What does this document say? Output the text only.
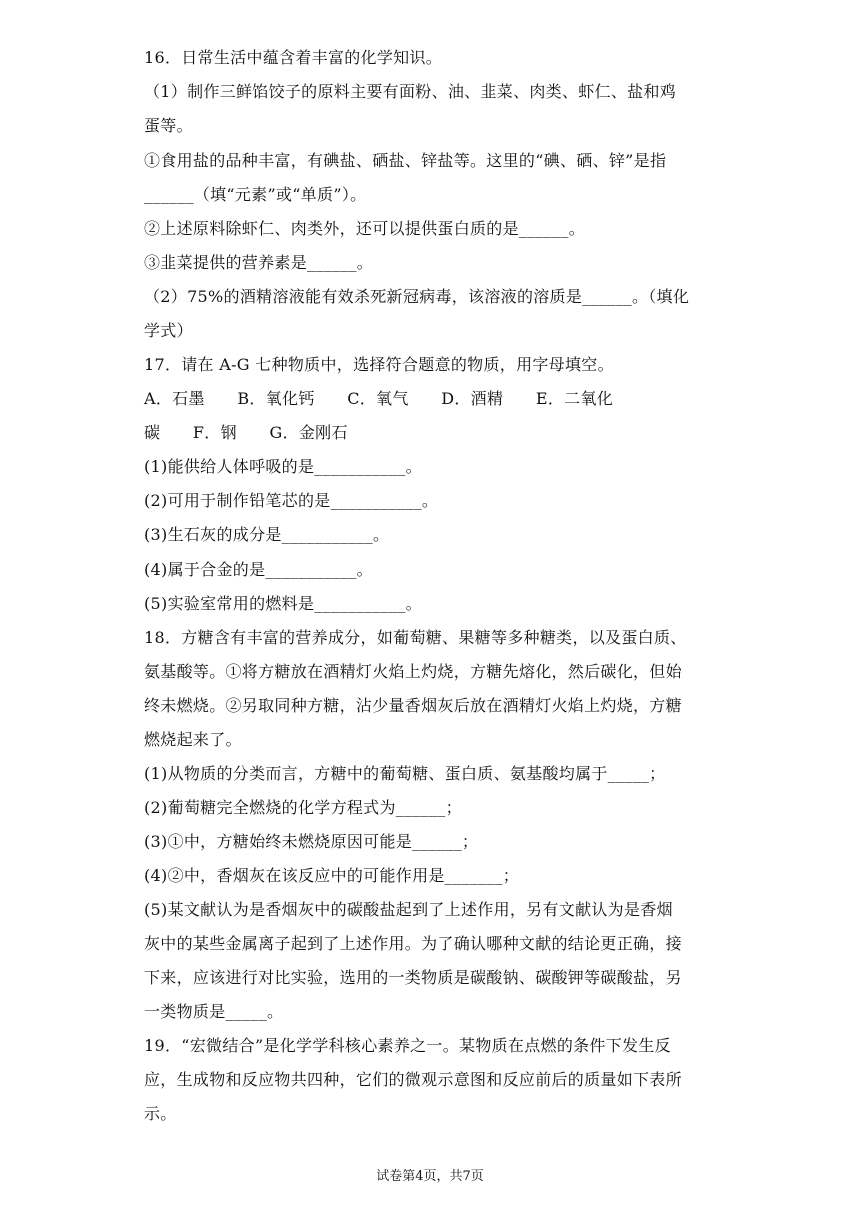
16．日常生活中蕴含着丰富的化学知识。
（1）制作三鲜馅饺子的原料主要有面粉、油、韭菜、肉类、虾仁、盐和鸡
蛋等。
①食用盐的品种丰富，有碘盐、硒盐、锌盐等。这里的“碘、硒、锌”是指
______（填“元素”或“单质”）。
②上述原料除虾仁、肉类外，还可以提供蛋白质的是______。
③韭菜提供的营养素是______。
（2）75%的酒精溶液能有效杀死新冠病毒，该溶液的溶质是______。（填化
学式）
17．请在 A-G 七种物质中，选择符合题意的物质，用字母填空。
A．石墨　　B．氧化钙　　C．氧气　　D．酒精　　E．二氧化
碳　　F．钢　　G．金刚石
(1)能供给人体呼吸的是___________。
(2)可用于制作铅笔芯的是___________。
(3)生石灰的成分是___________。
(4)属于合金的是___________。
(5)实验室常用的燃料是___________。
18．方糖含有丰富的营养成分，如葡萄糖、果糖等多种糖类，以及蛋白质、
氨基酸等。①将方糖放在酒精灯火焰上灼烧，方糖先熔化，然后碳化，但始
终未燃烧。②另取同种方糖，沾少量香烟灰后放在酒精灯火焰上灼烧，方糖
燃烧起来了。
(1)从物质的分类而言，方糖中的葡萄糖、蛋白质、氨基酸均属于_____；
(2)葡萄糖完全燃烧的化学方程式为______；
(3)①中，方糖始终未燃烧原因可能是______；
(4)②中，香烟灰在该反应中的可能作用是_______；
(5)某文献认为是香烟灰中的碳酸盐起到了上述作用，另有文献认为是香烟
灰中的某些金属离子起到了上述作用。为了确认哪种文献的结论更正确，接
下来，应该进行对比实验，选用的一类物质是碳酸钠、碳酸钾等碳酸盐，另
一类物质是_____。
19．“宏微结合”是化学学科核心素养之一。某物质在点燃的条件下发生反
应，生成物和反应物共四种，它们的微观示意图和反应前后的质量如下表所
示。
试卷第4页，共7页
